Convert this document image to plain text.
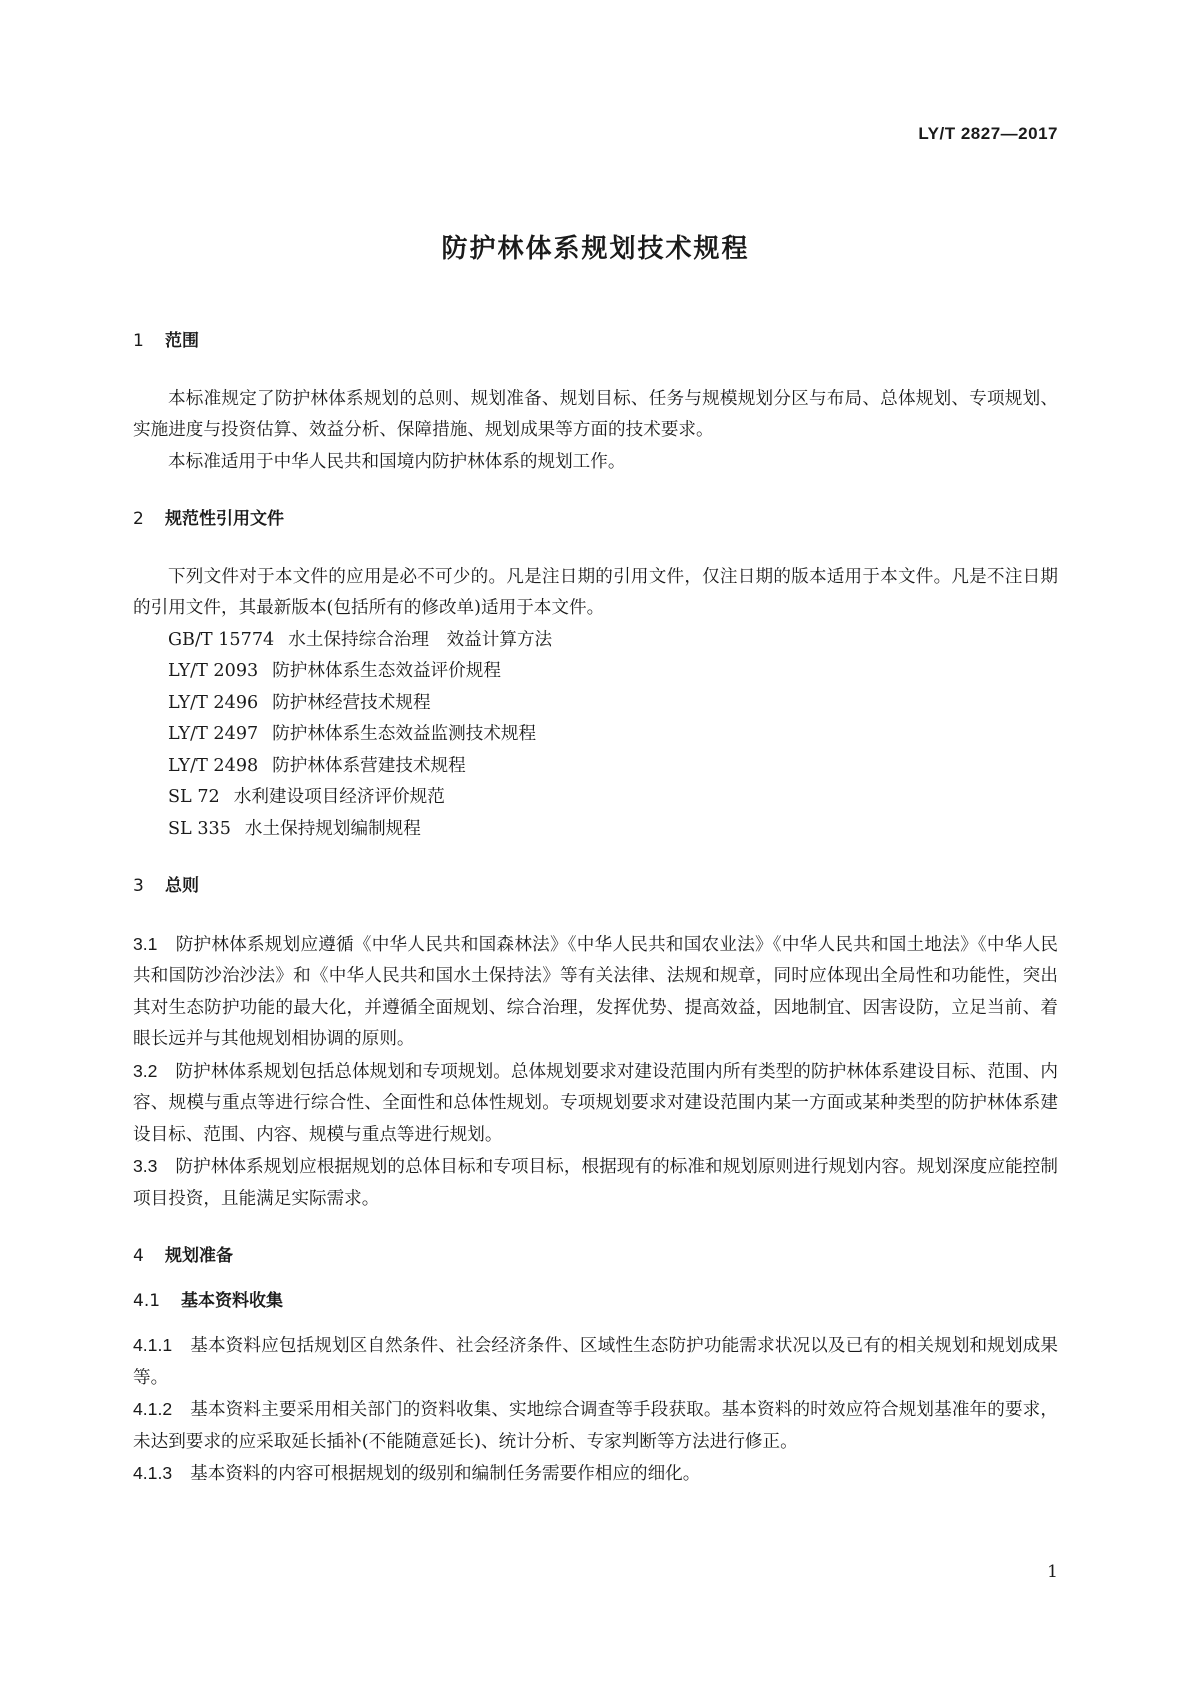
LY/T 2827—2017
防护林体系规划技术规程
1 范围

本标准规定了防护林体系规划的总则、规划准备、规划目标、任务与规模规划分区与布局、总体规划、专项规划、实施进度与投资估算、效益分析、保障措施、规划成果等方面的技术要求。

本标准适用于中华人民共和国境内防护林体系的规划工作。

2 规范性引用文件

下列文件对于本文件的应用是必不可少的。凡是注日期的引用文件，仅注日期的版本适用于本文件。凡是不注日期的引用文件，其最新版本(包括所有的修改单)适用于本文件。

GB/T 15774 水土保持综合治理　效益计算方法
LY/T 2093 防护林体系生态效益评价规程
LY/T 2496 防护林经营技术规程
LY/T 2497 防护林体系生态效益监测技术规程
LY/T 2498 防护林体系营建技术规程
SL 72 水利建设项目经济评价规范
SL 335 水土保持规划编制规程
3 总则

3.1 防护林体系规划应遵循《中华人民共和国森林法》《中华人民共和国农业法》《中华人民共和国土地法》《中华人民共和国防沙治沙法》和《中华人民共和国水土保持法》等有关法律、法规和规章，同时应体现出全局性和功能性，突出其对生态防护功能的最大化，并遵循全面规划、综合治理，发挥优势、提高效益，因地制宜、因害设防，立足当前、着眼长远并与其他规划相协调的原则。

3.2 防护林体系规划包括总体规划和专项规划。总体规划要求对建设范围内所有类型的防护林体系建设目标、范围、内容、规模与重点等进行综合性、全面性和总体性规划。专项规划要求对建设范围内某一方面或某种类型的防护林体系建设目标、范围、内容、规模与重点等进行规划。

3.3 防护林体系规划应根据规划的总体目标和专项目标，根据现有的标准和规划原则进行规划内容。规划深度应能控制项目投资，且能满足实际需求。

4 规划准备
4.1 基本资料收集

4.1.1 基本资料应包括规划区自然条件、社会经济条件、区域性生态防护功能需求状况以及已有的相关规划和规划成果等。

4.1.2 基本资料主要采用相关部门的资料收集、实地综合调查等手段获取。基本资料的时效应符合规划基准年的要求，未达到要求的应采取延长插补(不能随意延长)、统计分析、专家判断等方法进行修正。

4.1.3 基本资料的内容可根据规划的级别和编制任务需要作相应的细化。

1
